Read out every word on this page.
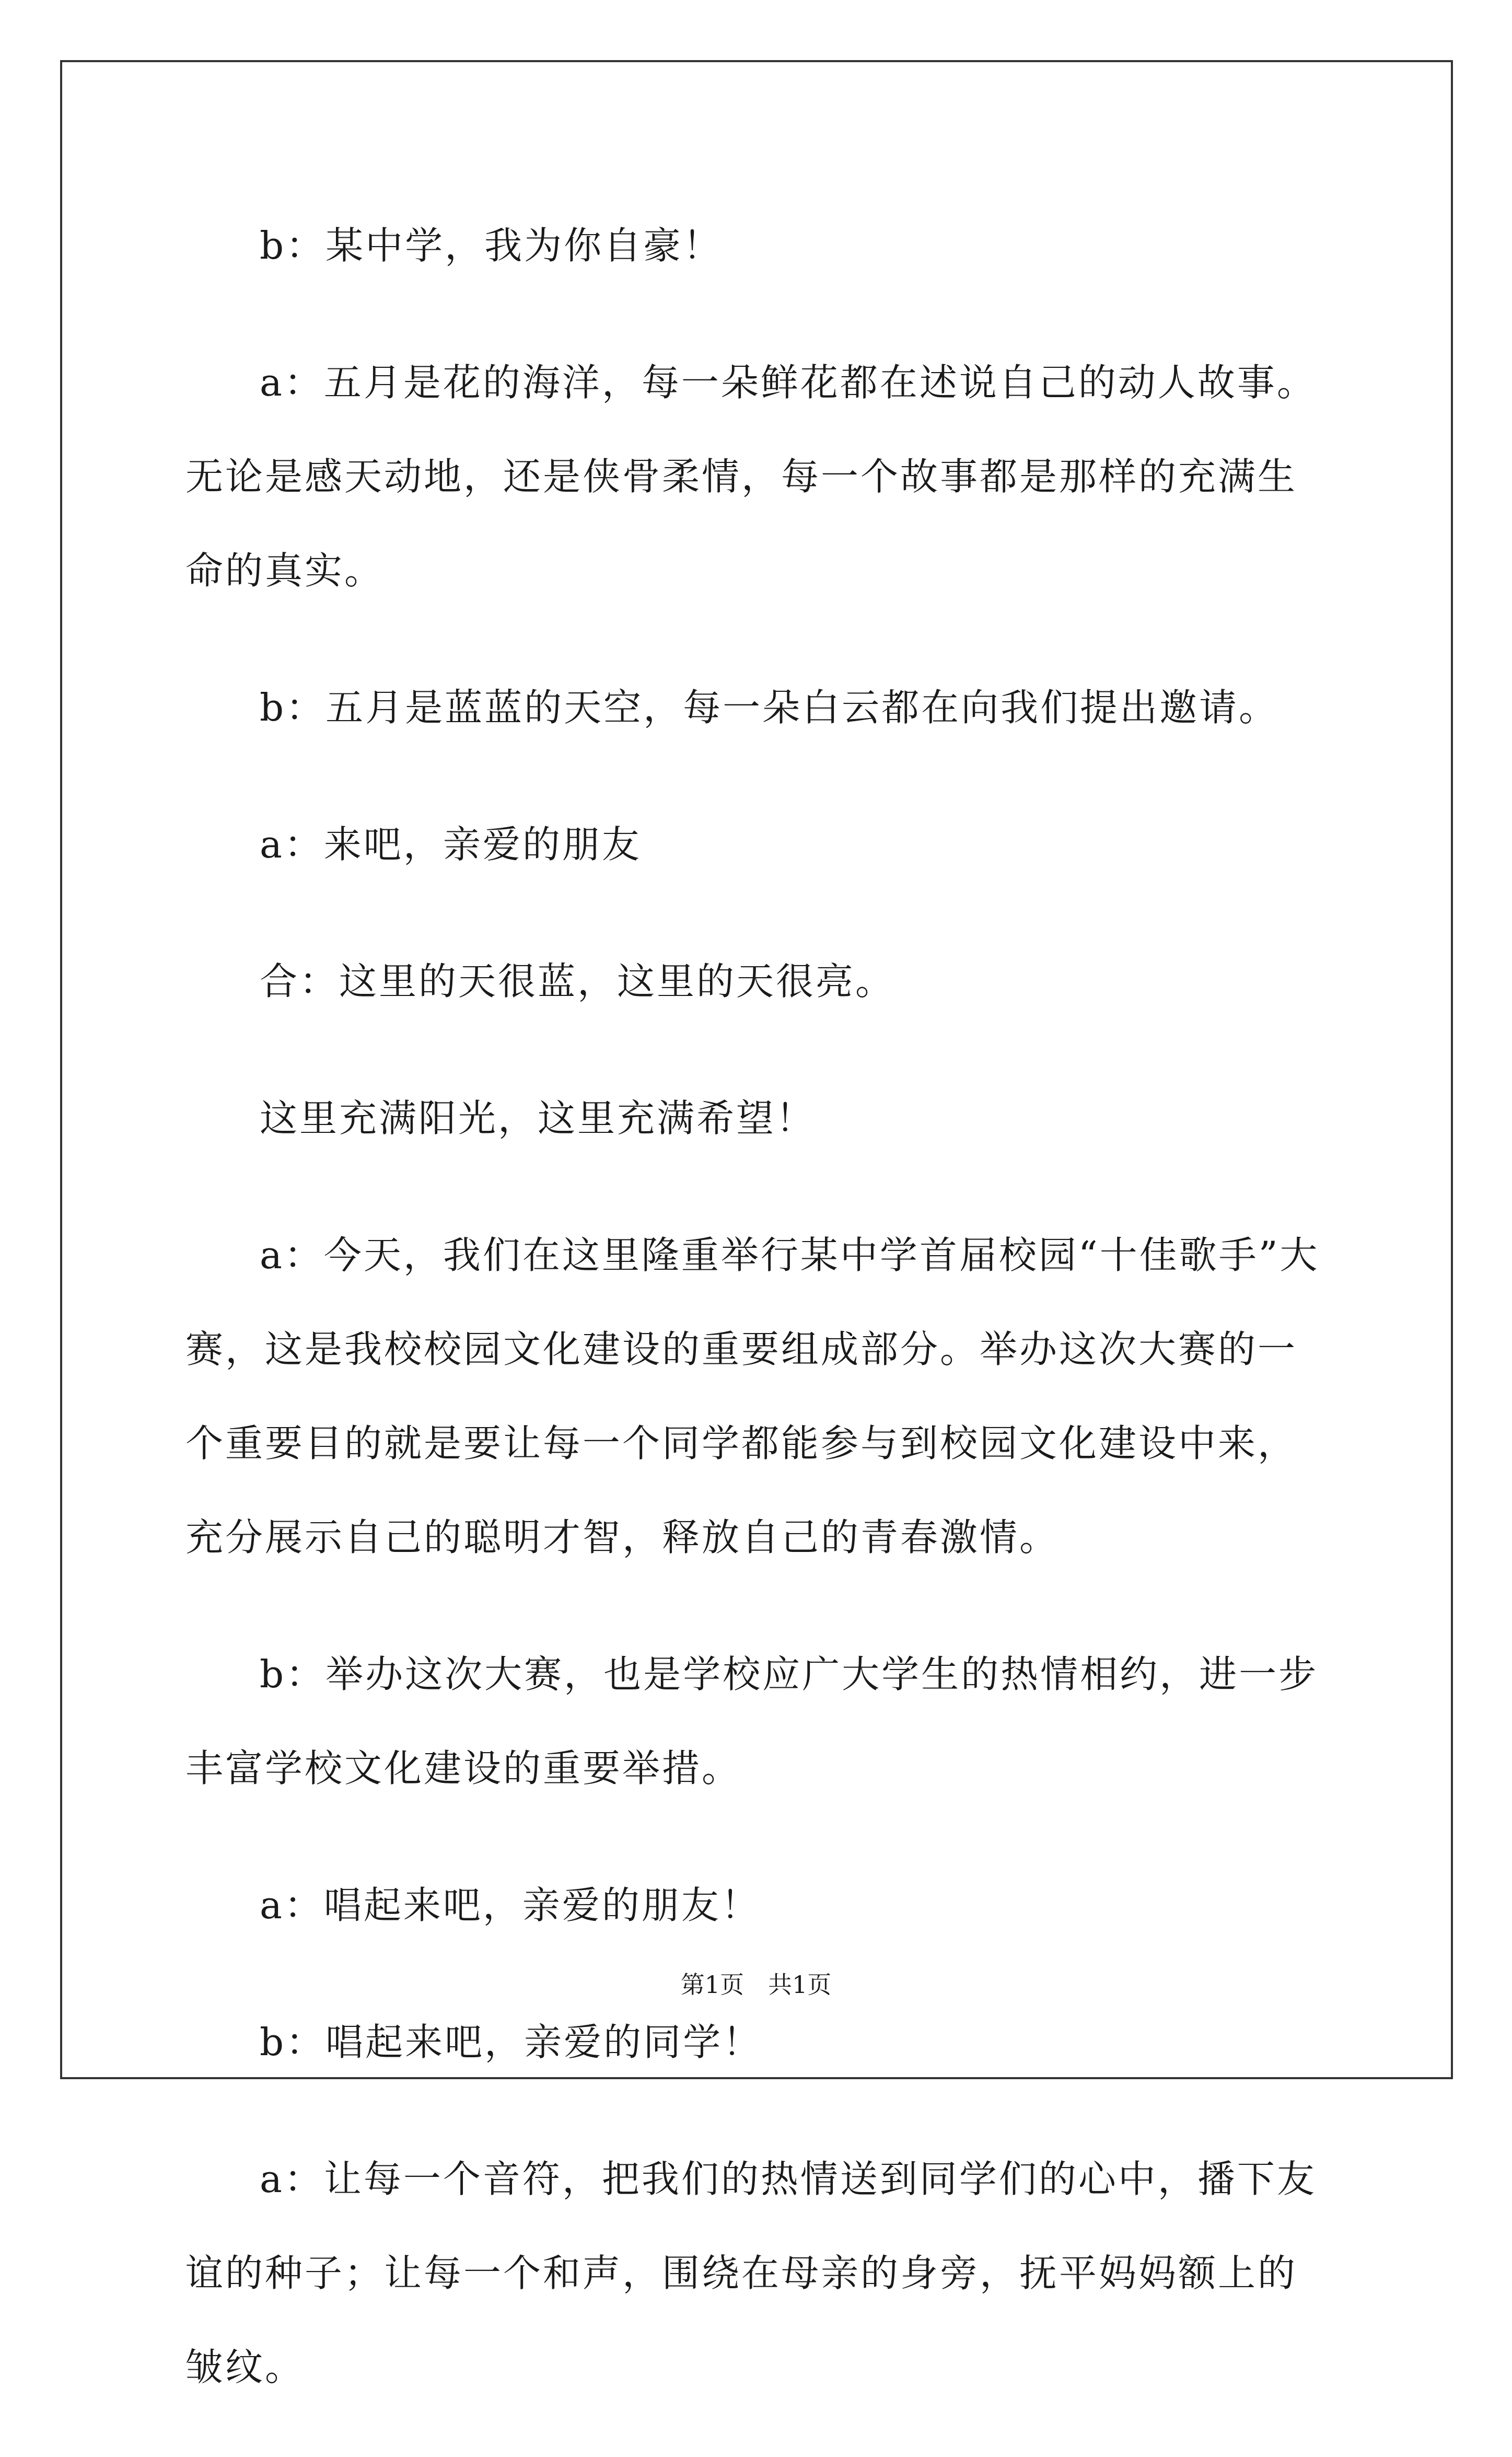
b：某中学，我为你自豪！

a：五月是花的海洋，每一朵鲜花都在述说自己的动人故事。无论是感天动地，还是侠骨柔情，每一个故事都是那样的充满生命的真实。

b：五月是蓝蓝的天空，每一朵白云都在向我们提出邀请。

a：来吧，亲爱的朋友

合：这里的天很蓝，这里的天很亮。

这里充满阳光，这里充满希望！

a：今天，我们在这里隆重举行某中学首届校园“十佳歌手”大赛，这是我校校园文化建设的重要组成部分。举办这次大赛的一个重要目的就是要让每一个同学都能参与到校园文化建设中来，充分展示自己的聪明才智，释放自己的青春激情。

b：举办这次大赛，也是学校应广大学生的热情相约，进一步丰富学校文化建设的重要举措。

a：唱起来吧，亲爱的朋友！

b：唱起来吧，亲爱的同学！

a：让每一个音符，把我们的热情送到同学们的心中，播下友谊的种子；让每一个和声，围绕在母亲的身旁，抚平妈妈额上的皱纹。

第1页　共1页
